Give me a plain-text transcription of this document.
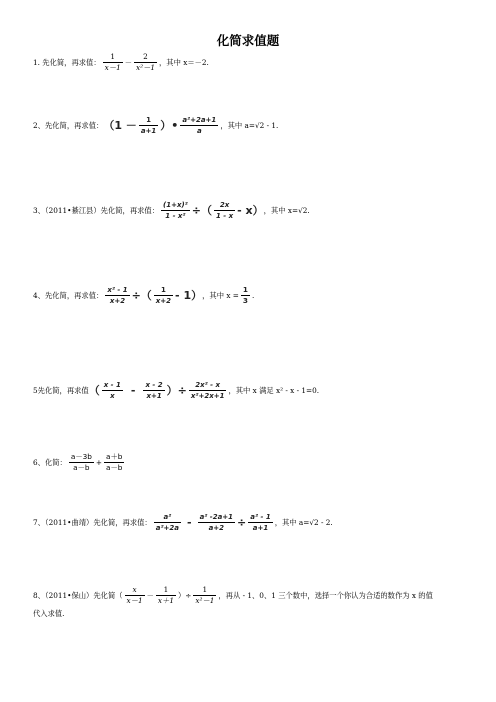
化简求值题
1. 先化简，再求值： $\frac{1}{x-1} - \frac{2}{\text{x²－1}}$ ，其中 x＝－2.
2、先化简，再求值： （$1 - \frac{1}{a+1}$ ）• $\frac{\text{a²+2a+1}}{a}$ ，其中 a=√2 - 1.
3、（2011•綦江县）先化简，再求值： $\frac{\text{(1+x)²}}{\text{1 - x²}}$ ÷ （ $\frac{2x}{1 - x} - x$） ，其中 x=√2.
4、先化简，再求值： $\frac{\text{x² - 1}}{x+2}$ ÷ （ $\frac{1}{x+2} - 1$） ，其中 $x = \frac{1}{3}$ .
5先化简，再求值 （ $\frac{x - 1}{x} - \frac{x - 2}{x+1}$ ）÷ $\frac{\text{2x² - x}}{\text{x²+2x+1}}$ ，其中 x 满足 x² - x - 1=0.
6、化简： $\frac{a-3b}{a-b} + \frac{a+b}{a-b}$
7、（2011•曲靖）先化简，再求值： $\frac{\text{a²}}{\text{a²+2a}} - \frac{\text{a² -2a+1}}{a+2} \div \frac{\text{a² - 1}}{a+1}$ ，其中 a=√2 - 2.
8、（2011•保山）先化简（ $\frac{x}{x-1} - \frac{1}{x+1}$ ）÷ $\frac{1}{\text{x²－1}}$ ，再从 - 1、0、1 三个数中，选择一个你认为合适的数作为 x 的值
代入求值.
